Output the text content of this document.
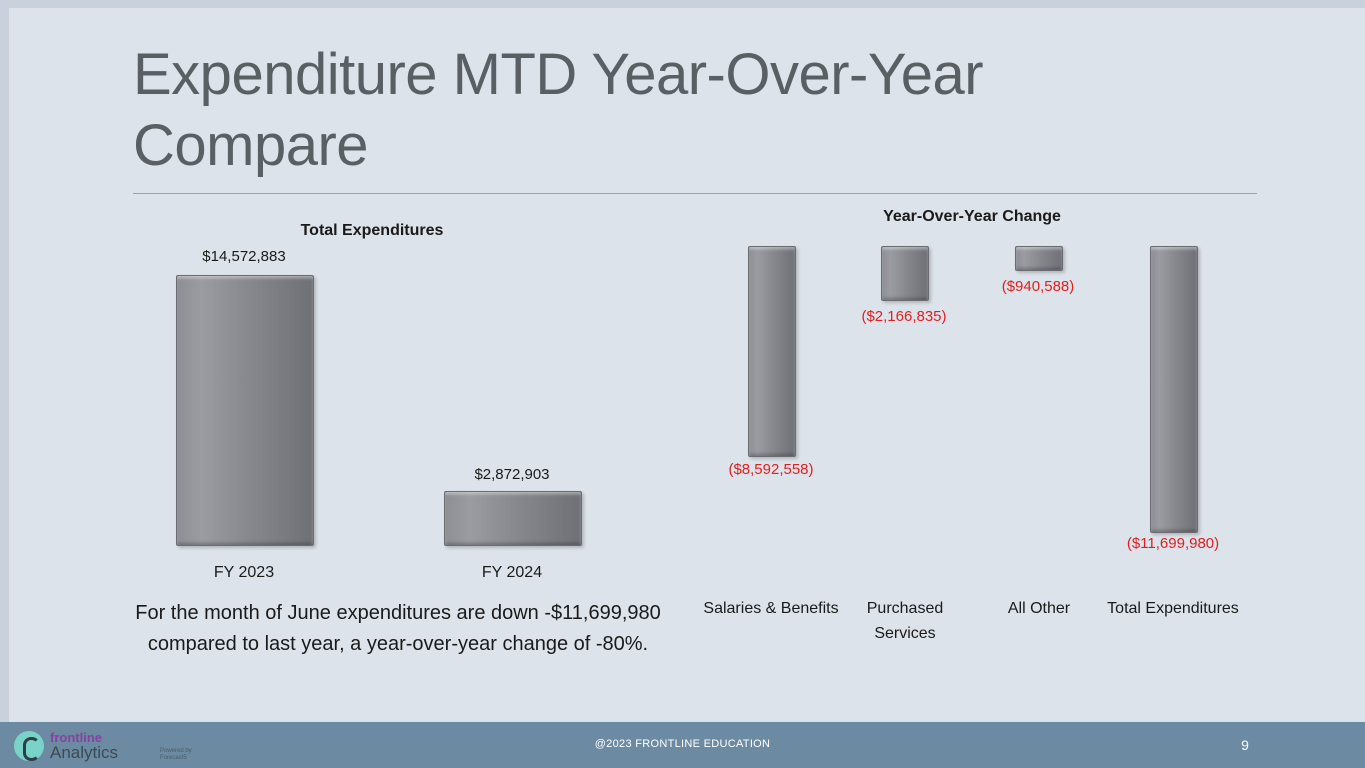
Expenditure MTD Year-Over-Year Compare
Total Expenditures
$14,572,883
FY 2023
$2,872,903
FY 2024
For the month of June expenditures are down -$11,699,980 compared to last year, a year-over-year change of -80%.
Year-Over-Year Change
($8,592,558)
Salaries & Benefits
($2,166,835)
Purchased Services
($940,588)
All Other
($11,699,980)
Total Expenditures
@2023 FRONTLINE EDUCATION	9
frontline
Analytics	Powered by Forecast5
